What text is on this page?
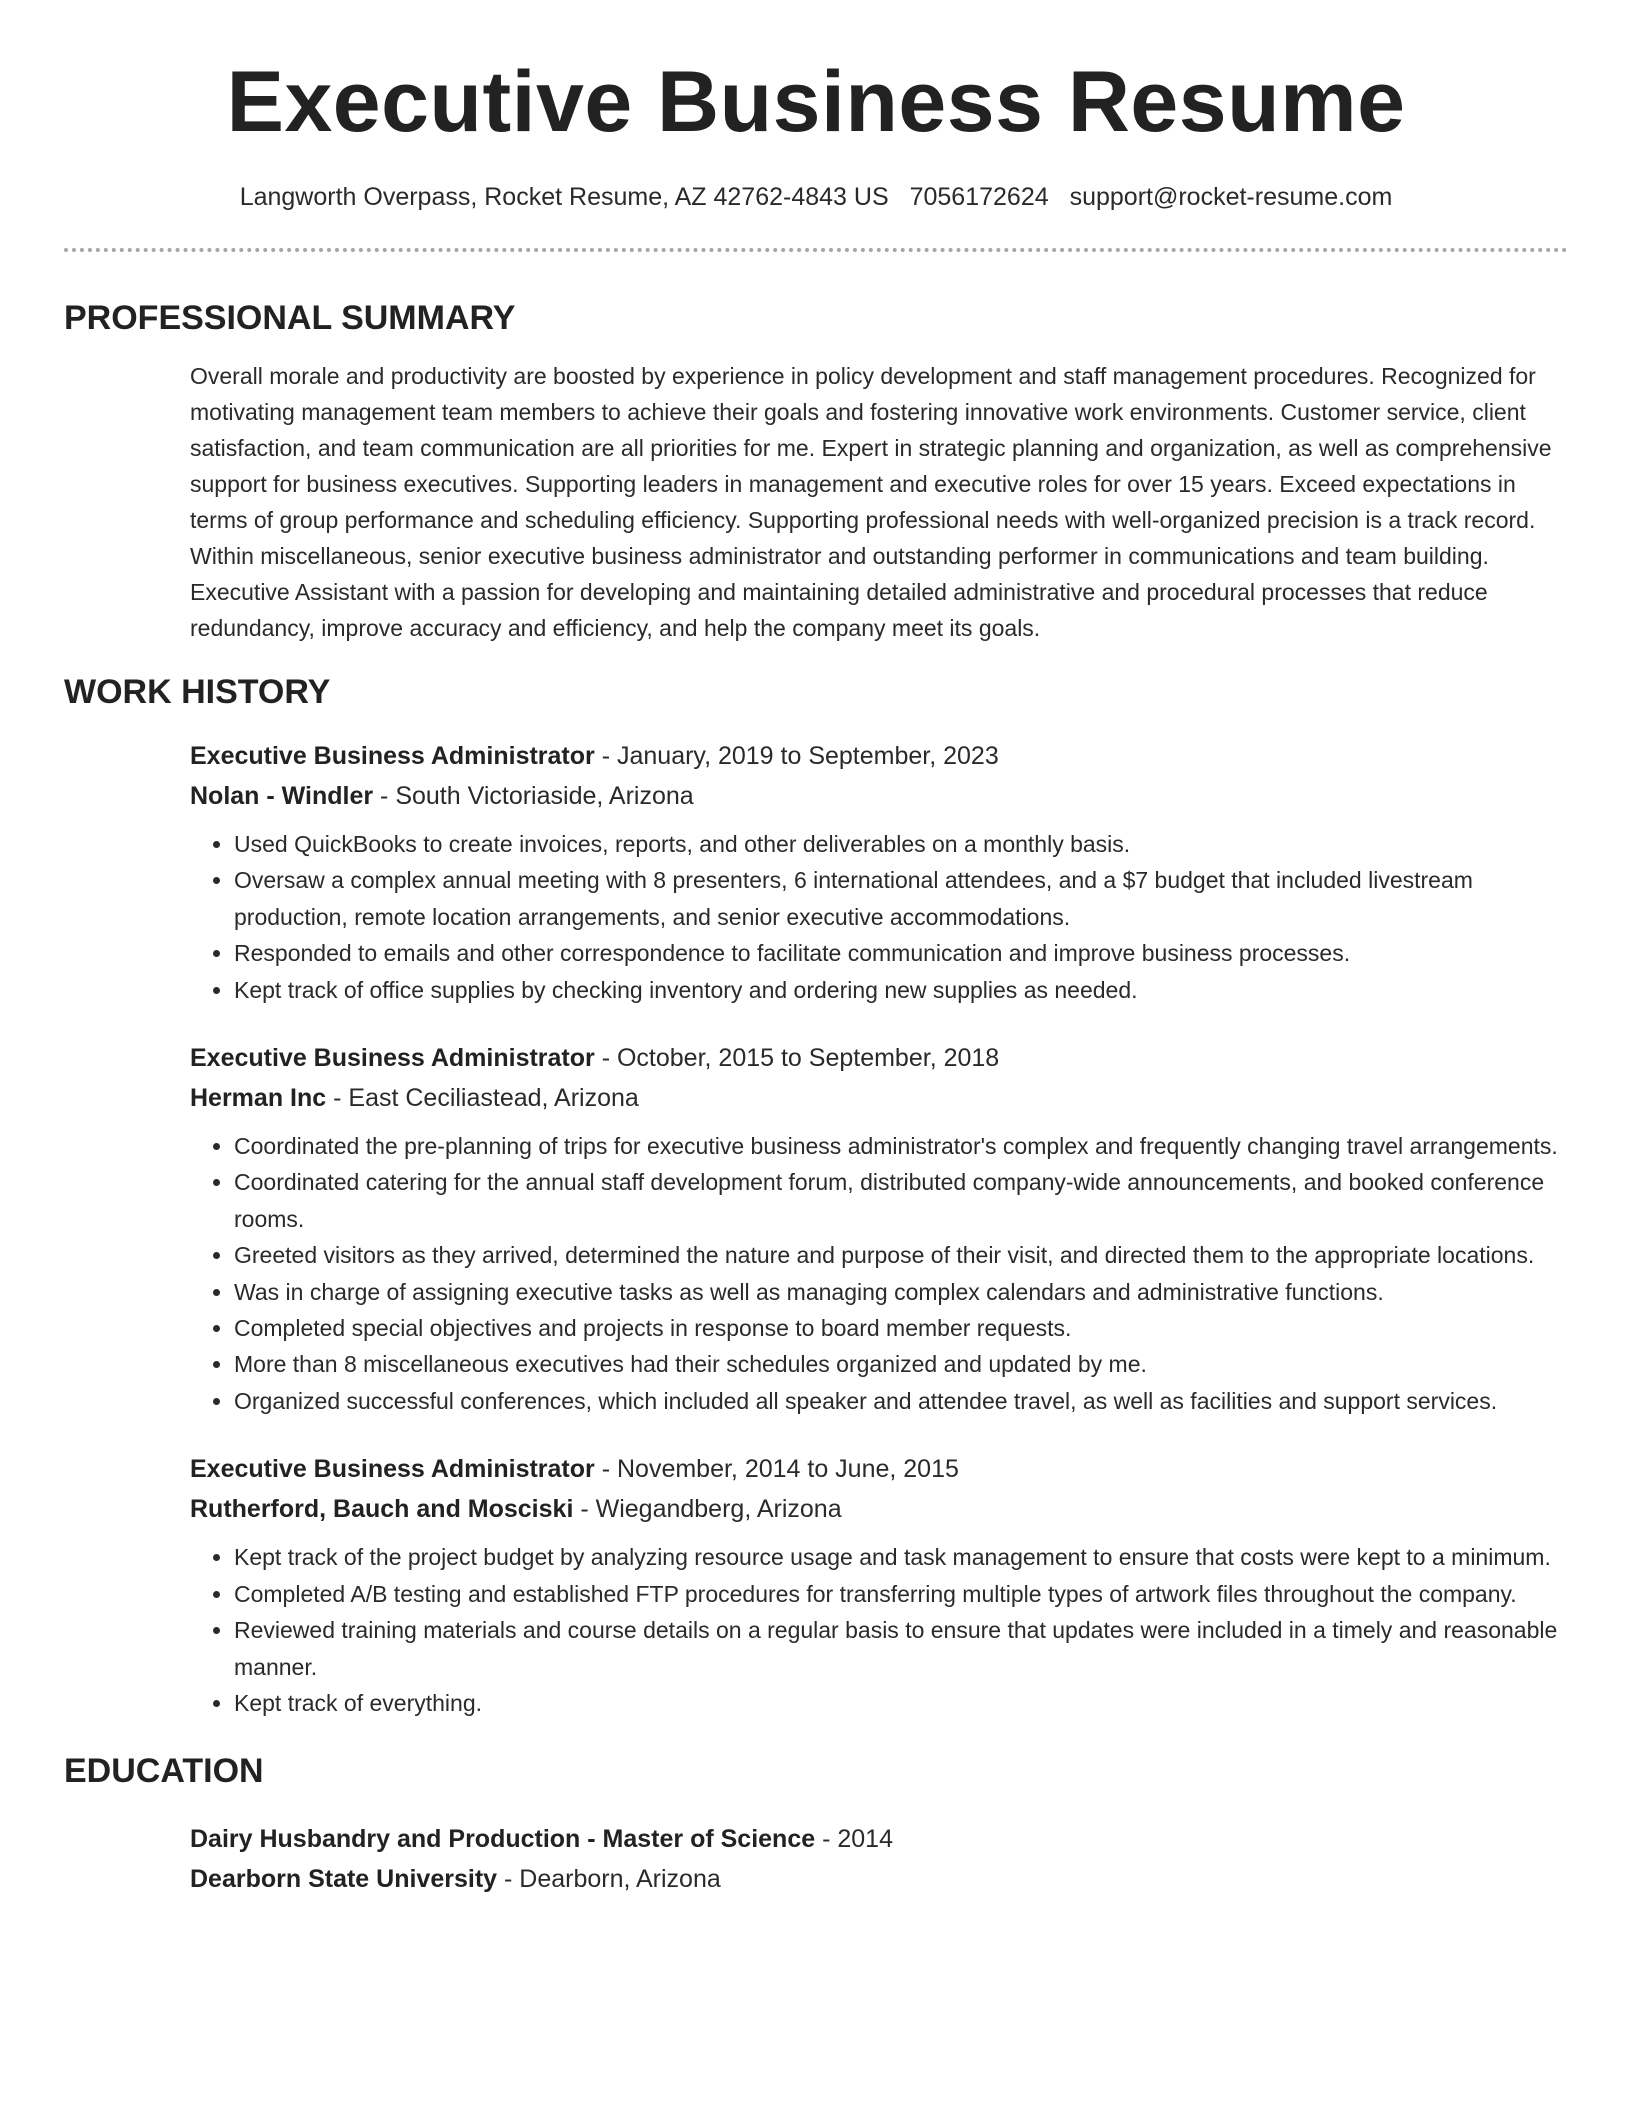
Executive Business Resume
Langworth Overpass, Rocket Resume, AZ 42762-4843 US 7056172624 support@rocket-resume.com
PROFESSIONAL SUMMARY

Overall morale and productivity are boosted by experience in policy development and staff management procedures. Recognized for motivating management team members to achieve their goals and fostering innovative work environments. Customer service, client satisfaction, and team communication are all priorities for me. Expert in strategic planning and organization, as well as comprehensive support for business executives. Supporting leaders in management and executive roles for over 15 years. Exceed expectations in terms of group performance and scheduling efficiency. Supporting professional needs with well-organized precision is a track record. Within miscellaneous, senior executive business administrator and outstanding performer in communications and team building. Executive Assistant with a passion for developing and maintaining detailed administrative and procedural processes that reduce redundancy, improve accuracy and efficiency, and help the company meet its goals.

WORK HISTORY
Executive Business Administrator - January, 2019 to September, 2023
Nolan - Windler - South Victoriaside, Arizona
• Used QuickBooks to create invoices, reports, and other deliverables on a monthly basis.
• Oversaw a complex annual meeting with 8 presenters, 6 international attendees, and a $7 budget that included livestream production, remote location arrangements, and senior executive accommodations.
• Responded to emails and other correspondence to facilitate communication and improve business processes.
• Kept track of office supplies by checking inventory and ordering new supplies as needed.
Executive Business Administrator - October, 2015 to September, 2018
Herman Inc - East Ceciliastead, Arizona
• Coordinated the pre-planning of trips for executive business administrator's complex and frequently changing travel arrangements.
• Coordinated catering for the annual staff development forum, distributed company-wide announcements, and booked conference rooms.
• Greeted visitors as they arrived, determined the nature and purpose of their visit, and directed them to the appropriate locations.
• Was in charge of assigning executive tasks as well as managing complex calendars and administrative functions.
• Completed special objectives and projects in response to board member requests.
• More than 8 miscellaneous executives had their schedules organized and updated by me.
• Organized successful conferences, which included all speaker and attendee travel, as well as facilities and support services.
Executive Business Administrator - November, 2014 to June, 2015
Rutherford, Bauch and Mosciski - Wiegandberg, Arizona
• Kept track of the project budget by analyzing resource usage and task management to ensure that costs were kept to a minimum.
• Completed A/B testing and established FTP procedures for transferring multiple types of artwork files throughout the company.
• Reviewed training materials and course details on a regular basis to ensure that updates were included in a timely and reasonable manner.
• Kept track of everything.
EDUCATION
Dairy Husbandry and Production - Master of Science - 2014
Dearborn State University - Dearborn, Arizona
